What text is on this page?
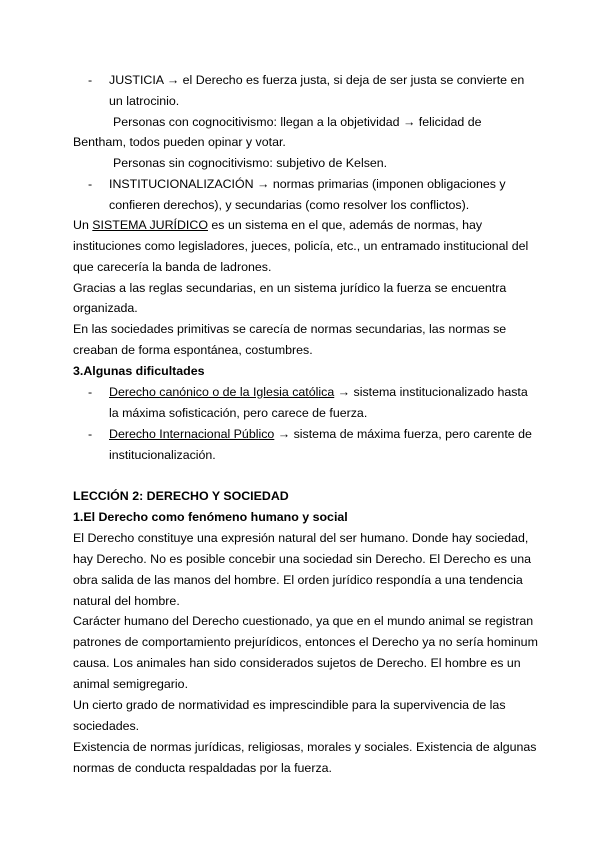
- JUSTICIA → el Derecho es fuerza justa, si deja de ser justa se convierte en
un latrocinio.
Personas con cognocitivismo: llegan a la objetividad → felicidad de
Bentham, todos pueden opinar y votar.
Personas sin cognocitivismo: subjetivo de Kelsen.
- INSTITUCIONALIZACIÓN → normas primarias (imponen obligaciones y
confieren derechos), y secundarias (como resolver los conflictos).
Un SISTEMA JURÍDICO es un sistema en el que, además de normas, hay
instituciones como legisladores, jueces, policía, etc., un entramado institucional del
que carecería la banda de ladrones.
Gracias a las reglas secundarias, en un sistema jurídico la fuerza se encuentra
organizada.
En las sociedades primitivas se carecía de normas secundarias, las normas se
creaban de forma espontánea, costumbres.
3.Algunas dificultades
- Derecho canónico o de la Iglesia católica → sistema institucionalizado hasta
la máxima sofisticación, pero carece de fuerza.
- Derecho Internacional Público → sistema de máxima fuerza, pero carente de
institucionalización.
LECCIÓN 2: DERECHO Y SOCIEDAD
1.El Derecho como fenómeno humano y social
El Derecho constituye una expresión natural del ser humano. Donde hay sociedad,
hay Derecho. No es posible concebir una sociedad sin Derecho. El Derecho es una
obra salida de las manos del hombre. El orden jurídico respondía a una tendencia
natural del hombre.
Carácter humano del Derecho cuestionado, ya que en el mundo animal se registran
patrones de comportamiento prejurídicos, entonces el Derecho ya no sería hominum
causa. Los animales han sido considerados sujetos de Derecho. El hombre es un
animal semigregario.
Un cierto grado de normatividad es imprescindible para la supervivencia de las
sociedades.
Existencia de normas jurídicas, religiosas, morales y sociales. Existencia de algunas
normas de conducta respaldadas por la fuerza.
